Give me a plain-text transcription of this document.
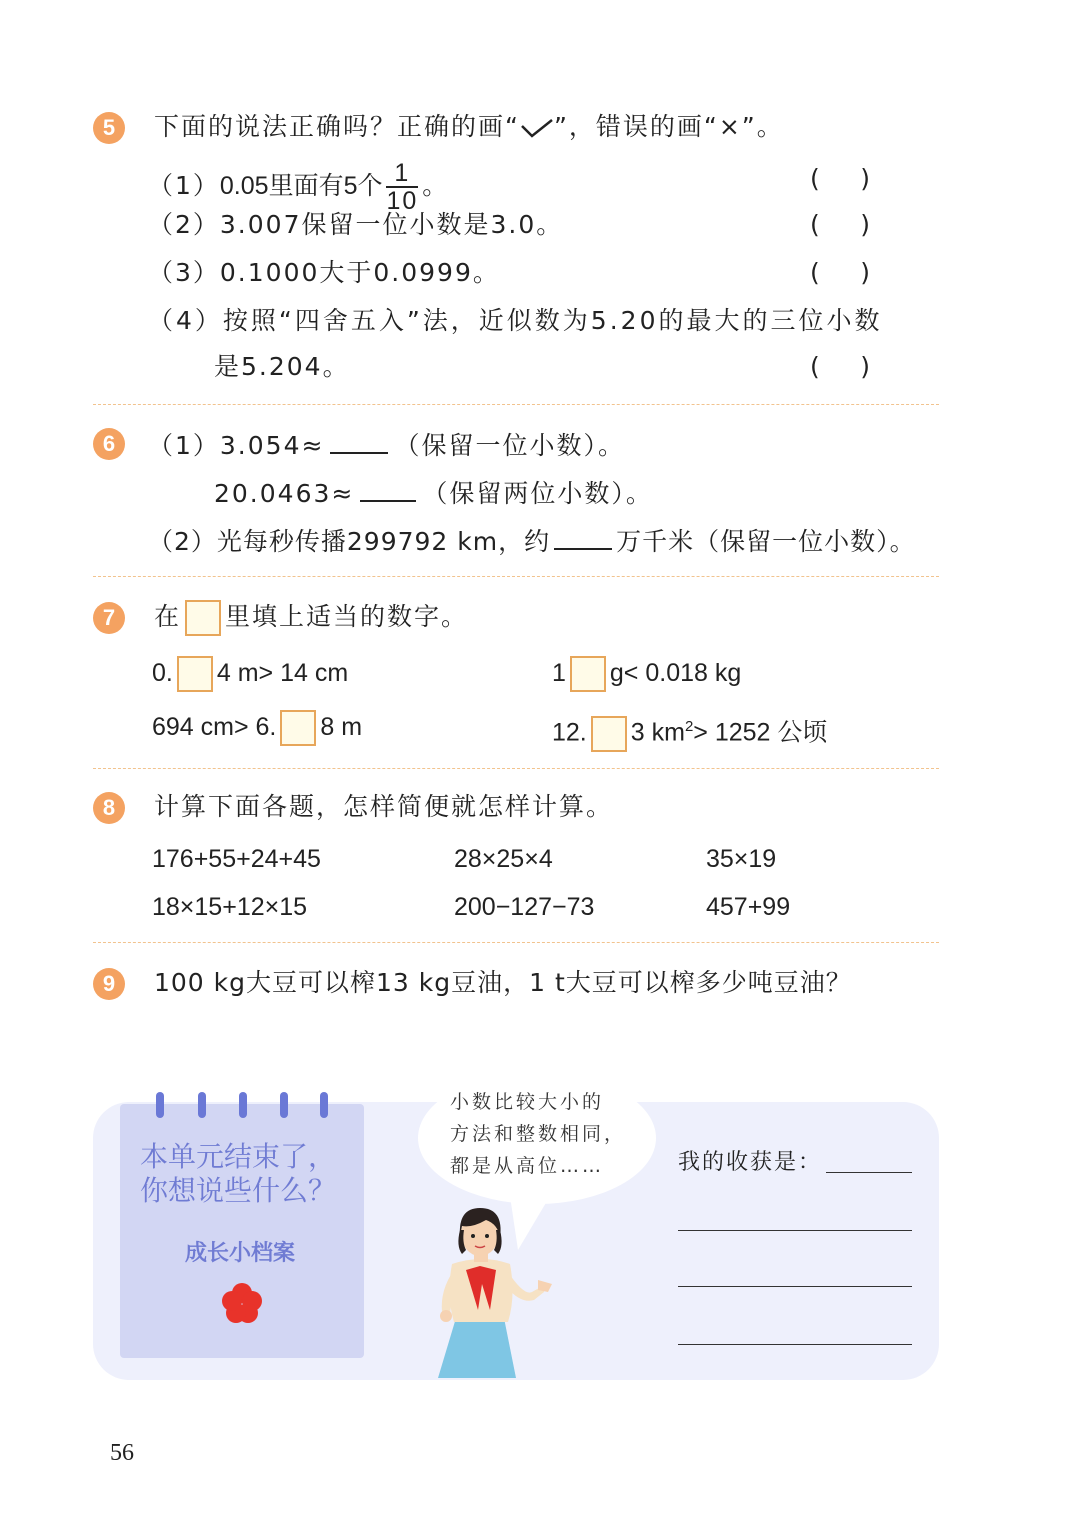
5	下面的说法正确吗？正确的画“ ”，错误的画“×”。
（1）0.05里面有5个 $\frac{1}{10}$ 。	( )
（2）3.007保留一位小数是3.0。	( )
（3）0.1000大于0.0999。	( )
（4）按照“四舍五入”法，近似数为5.20的最大的三位小数
是5.204。	( )
6	（1）3.054≈	（保留一位小数）。
20.0463≈	（保留两位小数）。
（2）光每秒传播299792 km，约	万千米（保留一位小数）。
7	在 里填上适当的数字。
0. 4 m> 14 cm	1 g< 0.018 kg
694 cm> 6. 8 m	12. 3 $km^2> 1252$ 公顷
8	计算下面各题，怎样简便就怎样计算。
176+55+24+45	28×25×4	35×19
18×15+12×15	200−127−73	457+99
9	100 kg大豆可以榨13 kg豆油，1 t大豆可以榨多少吨豆油？
本单元结束了，
你想说些什么？
成长小档案
小数比较大小的
方法和整数相同，
都是从高位……	我的收获是：
56
